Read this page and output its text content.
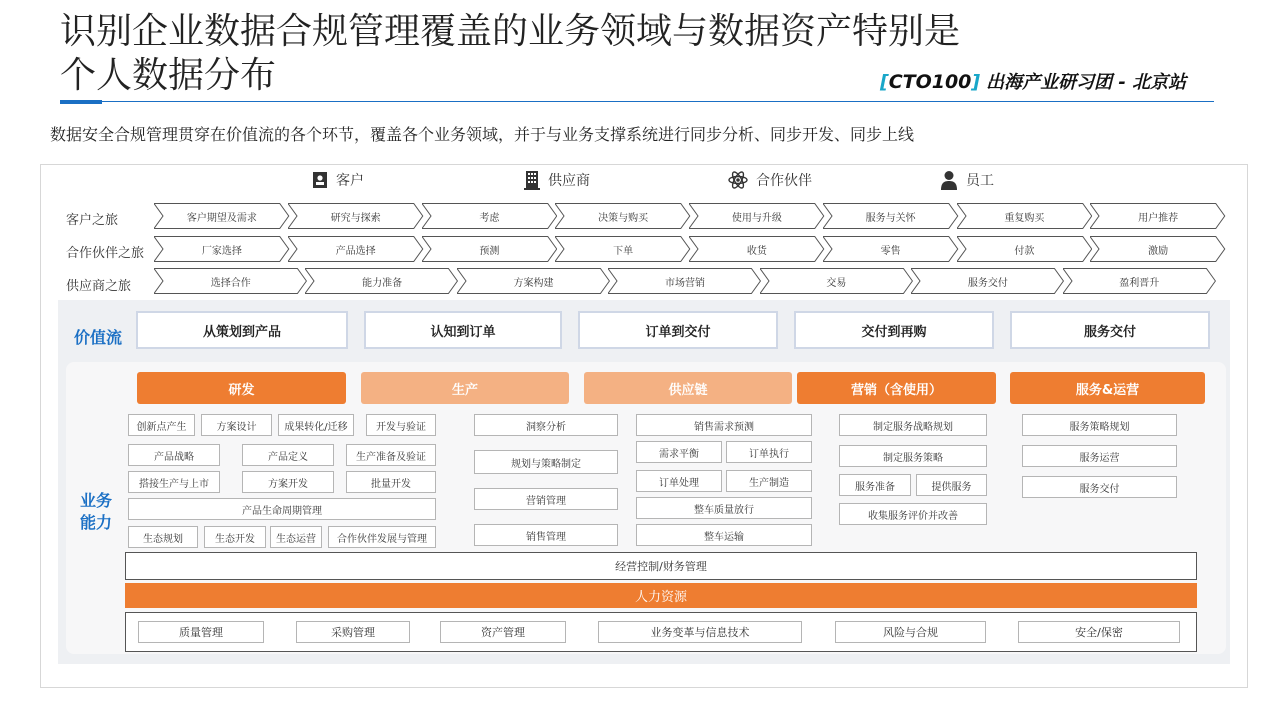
识别企业数据合规管理覆盖的业务领域与数据资产特别是
个人数据分布	[CTO100] 出海产业研习团 - 北京站
数据安全合规管理贯穿在价值流的各个环节，覆盖各个业务领域，并于与业务支撑系统进行同步分析、同步开发、同步上线
客户	供应商	合作伙伴	员工
客户之旅
合作伙伴之旅
供应商之旅
客户期望及需求	研究与探索	考虑	决策与购买	使用与升级	服务与关怀	重复购买	用户推荐
厂家选择	产品选择	预测	下单	收货	零售	付款	激励
选择合作	能力准备	方案构建	市场营销	交易	服务交付	盈利晋升
价值流	从策划到产品	认知到订单	订单到交付	交付到再购	服务交付
业务能力
研发	生产	供应链	营销（含使用）	服务&运营
创新点产生	方案设计	成果转化/迁移	开发与验证
产品战略	产品定义	生产准备及验证
搭接生产与上市	方案开发	批量开发
产品生命周期管理
生态规划	生态开发	生态运营	合作伙伴发展与管理
洞察分析
规划与策略制定
营销管理
销售管理
销售需求预测
需求平衡	订单执行
订单处理	生产制造
整车质量放行
整车运输
制定服务战略规划
制定服务策略
服务准备	提供服务
收集服务评价并改善
服务策略规划
服务运营
服务交付
经营控制/财务管理
人力资源
质量管理	采购管理	资产管理	业务变革与信息技术	风险与合规	安全/保密
